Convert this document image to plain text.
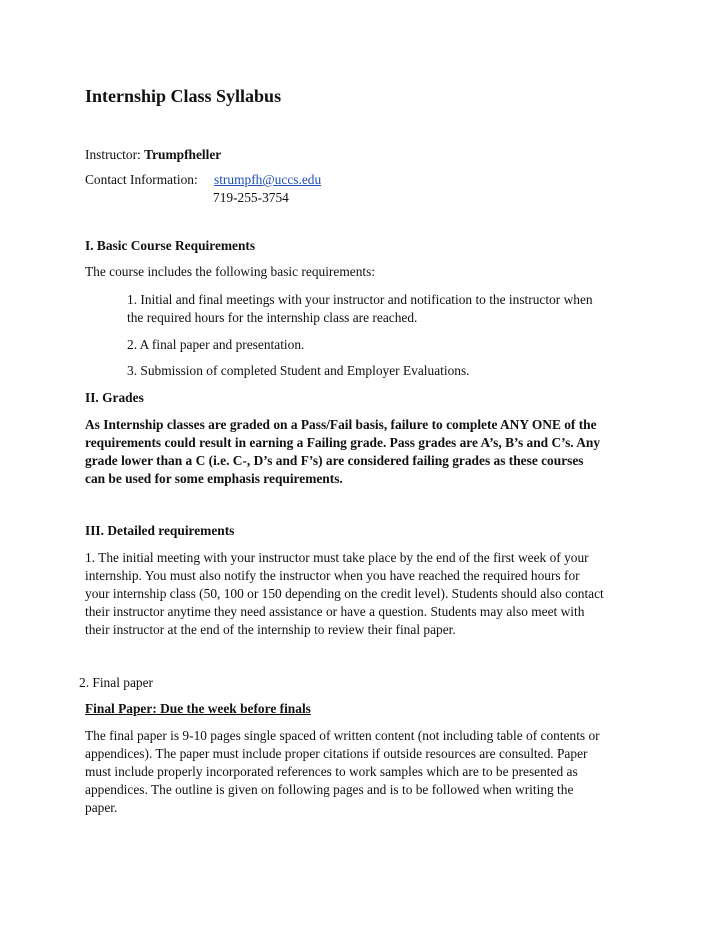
Internship Class Syllabus
Instructor: Trumpfheller
Contact Information: strumpfh@uccs.edu
719-255-3754
I. Basic Course Requirements
The course includes the following basic requirements:
1. Initial and final meetings with your instructor and notification to the instructor when
the required hours for the internship class are reached.
2. A final paper and presentation.
3. Submission of completed Student and Employer Evaluations.
II. Grades

As Internship classes are graded on a Pass/Fail basis, failure to complete ANY ONE of the

requirements could result in earning a Failing grade. Pass grades are A’s, B’s and C’s. Any

grade lower than a C (i.e. C-, D’s and F’s) are considered failing grades as these courses

can be used for some emphasis requirements.

III. Detailed requirements

1. The initial meeting with your instructor must take place by the end of the first week of your

internship. You must also notify the instructor when you have reached the required hours for

your internship class (50, 100 or 150 depending on the credit level). Students should also contact

their instructor anytime they need assistance or have a question. Students may also meet with

their instructor at the end of the internship to review their final paper.

2. Final paper
Final Paper: Due the week before finals

The final paper is 9-10 pages single spaced of written content (not including table of contents or

appendices). The paper must include proper citations if outside resources are consulted. Paper

must include properly incorporated references to work samples which are to be presented as

appendices. The outline is given on following pages and is to be followed when writing the

paper.
